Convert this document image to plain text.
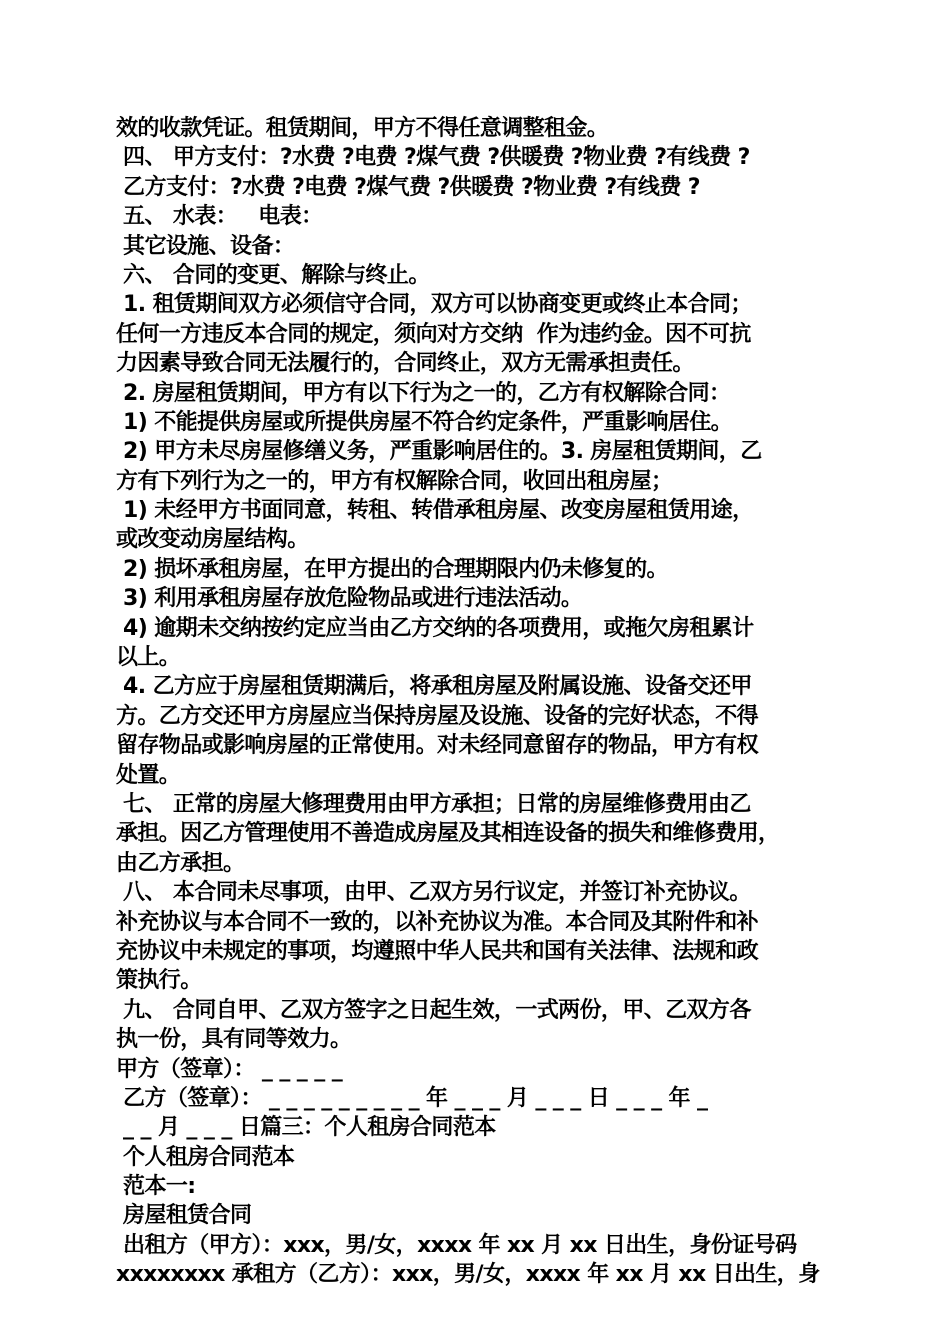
效的收款凭证。租赁期间，甲方不得任意调整租金。
四、 甲方支付：?水费 ?电费 ?煤气费 ?供暖费 ?物业费 ?有线费 ?
乙方支付：?水费 ?电费 ?煤气费 ?供暖费 ?物业费 ?有线费 ?
五、 水表：   电表：
其它设施、设备：
六、 合同的变更、解除与终止。
1. 租赁期间双方必须信守合同，双方可以协商变更或终止本合同；
任何一方违反本合同的规定，须向对方交纳  作为违约金。因不可抗
力因素导致合同无法履行的，合同终止，双方无需承担责任。
2. 房屋租赁期间，甲方有以下行为之一的，乙方有权解除合同：
1) 不能提供房屋或所提供房屋不符合约定条件，严重影响居住。
2) 甲方未尽房屋修缮义务，严重影响居住的。3. 房屋租赁期间，乙
方有下列行为之一的，甲方有权解除合同，收回出租房屋；
1) 未经甲方书面同意，转租、转借承租房屋、改变房屋租赁用途，
或改变动房屋结构。
2) 损坏承租房屋，在甲方提出的合理期限内仍未修复的。
3) 利用承租房屋存放危险物品或进行违法活动。
4) 逾期未交纳按约定应当由乙方交纳的各项费用，或拖欠房租累计
以上。
4. 乙方应于房屋租赁期满后，将承租房屋及附属设施、设备交还甲
方。乙方交还甲方房屋应当保持房屋及设施、设备的完好状态，不得
留存物品或影响房屋的正常使用。对未经同意留存的物品，甲方有权
处置。
七、 正常的房屋大修理费用由甲方承担；日常的房屋维修费用由乙
承担。因乙方管理使用不善造成房屋及其相连设备的损失和维修费用，
由乙方承担。
八、 本合同未尽事项，由甲、乙双方另行议定，并签订补充协议。
补充协议与本合同不一致的，以补充协议为准。本合同及其附件和补
充协议中未规定的事项，均遵照中华人民共和国有关法律、法规和政
策执行。
九、 合同自甲、乙双方签字之日起生效，一式两份，甲、乙双方各
执一份，具有同等效力。
甲方（签章）： _ _ _ _ _
乙方（签章）： _ _ _ _ _ _ _ _ _ 年 _ _ _ 月 _ _ _ 日 _ _ _ 年 _
_ _ 月 _ _ _ 日篇三：个人租房合同范本
个人租房合同范本
范本一:
房屋租赁合同
出租方（甲方）：xxx，男/女，xxxx 年 xx 月 xx 日出生，身份证号码
xxxxxxxx 承租方（乙方）：xxx，男/女，xxxx 年 xx 月 xx 日出生，身
